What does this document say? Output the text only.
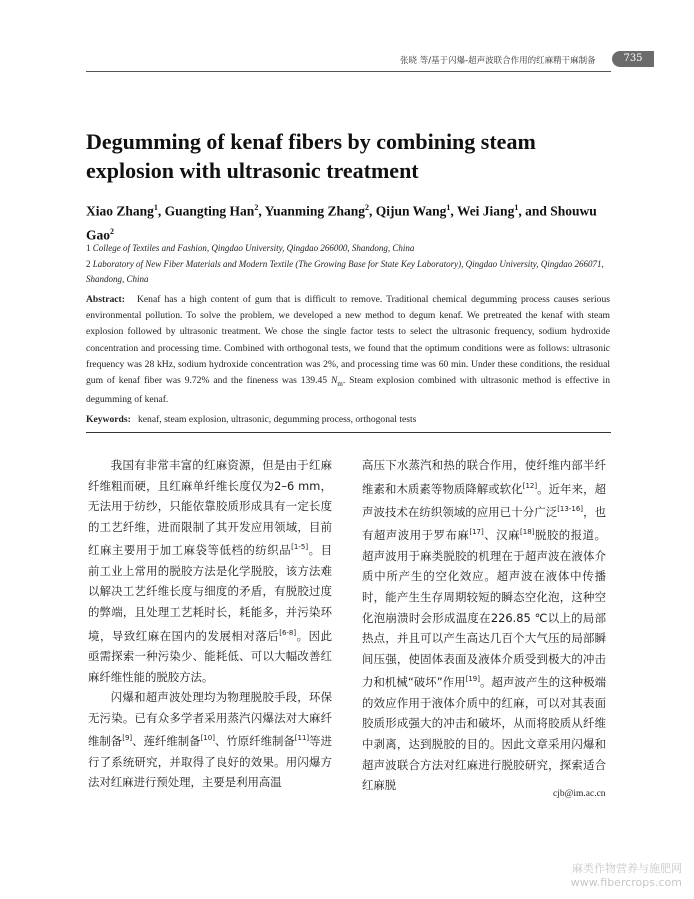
张晓 等/基于闪爆-超声波联合作用的红麻精干麻制备	735
Degumming of kenaf fibers by combining steam explosion with ultrasonic treatment
Xiao Zhang$^1$, Guangting Han$^2$, Yuanming Zhang$^2$, Qijun Wang$^1$, Wei Jiang$^1$, and Shouwu Gao$^2$
1 College of Textiles and Fashion, Qingdao University, Qingdao 266000, Shandong, China
2 Laboratory of New Fiber Materials and Modern Textile (The Growing Base for State Key Laboratory), Qingdao University, Qingdao 266071, Shandong, China
Abstract: Kenaf has a high content of gum that is difficult to remove. Traditional chemical degumming process causes serious environmental pollution. To solve the problem, we developed a new method to degum kenaf. We pretreated the kenaf with steam explosion followed by ultrasonic treatment. We chose the single factor tests to select the ultrasonic frequency, sodium hydroxide concentration and processing time. Combined with orthogonal tests, we found that the optimum conditions were as follows: ultrasonic frequency was 28 kHz, sodium hydroxide concentration was 2%, and processing time was 60 min. Under these conditions, the residual gum of kenaf fiber was 9.72% and the fineness was 139.45 $N_m$. Steam explosion combined with ultrasonic method is effective in degumming of kenaf.
Keywords: kenaf, steam explosion, ultrasonic, degumming process, orthogonal tests

我国有非常丰富的红麻资源，但是由于红麻纤维粗而硬，且红麻单纤维长度仅为2–6 mm，无法用于纺纱，只能依靠胶质形成具有一定长度的工艺纤维，进而限制了其开发应用领域，目前红麻主要用于加工麻袋等低档的纺织品[1-5]。目前工业上常用的脱胶方法是化学脱胶，该方法难以解决工艺纤维长度与细度的矛盾，有脱胶过度的弊端，且处理工艺耗时长，耗能多，并污染环境，导致红麻在国内的发展相对落后[6-8]。因此亟需探索一种污染少、能耗低、可以大幅改善红麻纤维性能的脱胶方法。

闪爆和超声波处理均为物理脱胶手段，环保无污染。已有众多学者采用蒸汽闪爆法对大麻纤维制备[9]、莲纤维制备[10]、竹原纤维制备[11]等进行了系统研究，并取得了良好的效果。用闪爆方法对红麻进行预处理，主要是利用高温

高压下水蒸汽和热的联合作用，使纤维内部半纤维素和木质素等物质降解或软化[12]。近年来，超声波技术在纺织领域的应用已十分广泛[13-16]，也有超声波用于罗布麻[17]、汉麻[18]脱胶的报道。超声波用于麻类脱胶的机理在于超声波在液体介质中所产生的空化效应。超声波在液体中传播时，能产生生存周期较短的瞬态空化泡，这种空化泡崩溃时会形成温度在226.85 ℃以上的局部热点，并且可以产生高达几百个大气压的局部瞬间压强，使固体表面及液体介质受到极大的冲击力和机械“破坏”作用[19]。超声波产生的这种极端的效应作用于液体介质中的红麻，可以对其表面胶质形成强大的冲击和破坏，从而将胶质从纤维中剥离，达到脱胶的目的。因此文章采用闪爆和超声波联合方法对红麻进行脱胶研究，探索适合红麻脱

cjb@im.ac.cn
麻类作物营养与施肥网
www.fibercrops.com
